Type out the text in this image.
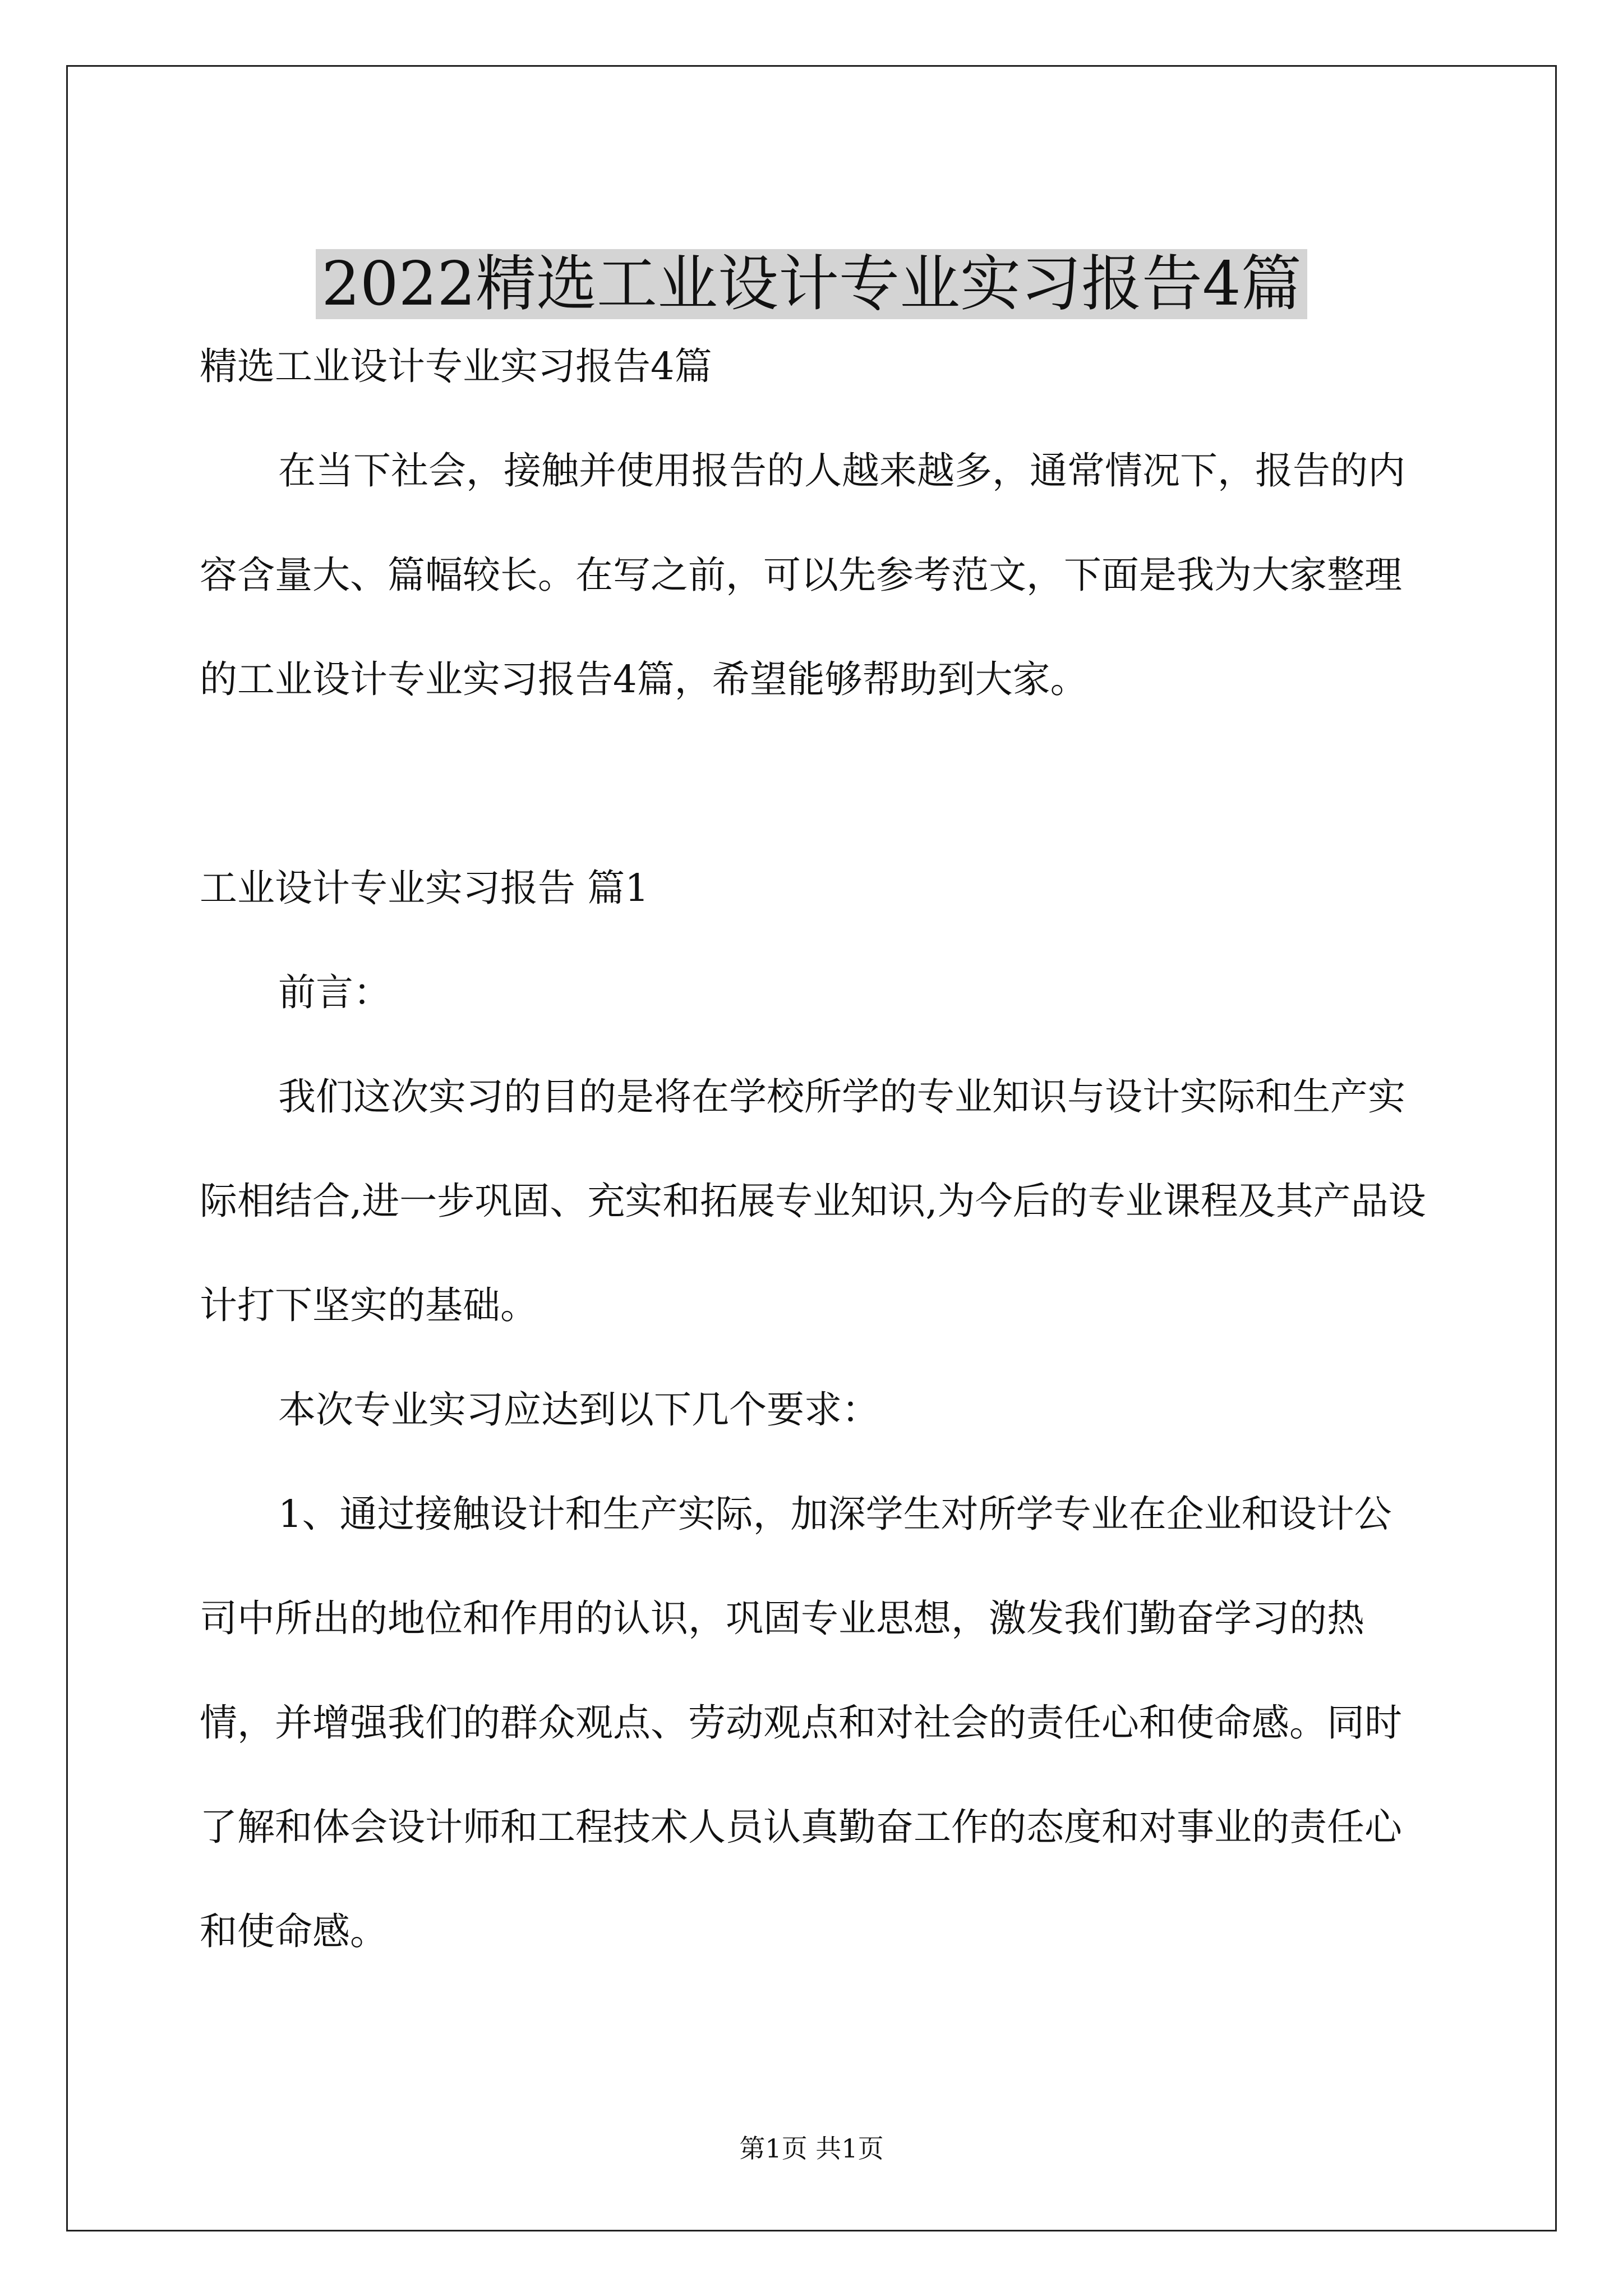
2022精选工业设计专业实习报告4篇

精选工业设计专业实习报告4篇

在当下社会，接触并使用报告的人越来越多，通常情况下，报告的内容含量大、篇幅较长。在写之前，可以先参考范文，下面是我为大家整理的工业设计专业实习报告4篇，希望能够帮助到大家。

工业设计专业实习报告 篇1

前言：

我们这次实习的目的是将在学校所学的专业知识与设计实际和生产实际相结合,进一步巩固、充实和拓展专业知识,为今后的专业课程及其产品设计打下坚实的基础。

本次专业实习应达到以下几个要求：

1、通过接触设计和生产实际，加深学生对所学专业在企业和设计公司中所出的地位和作用的认识，巩固专业思想，激发我们勤奋学习的热情，并增强我们的群众观点、劳动观点和对社会的责任心和使命感。同时了解和体会设计师和工程技术人员认真勤奋工作的态度和对事业的责任心和使命感。

第1页 共1页
